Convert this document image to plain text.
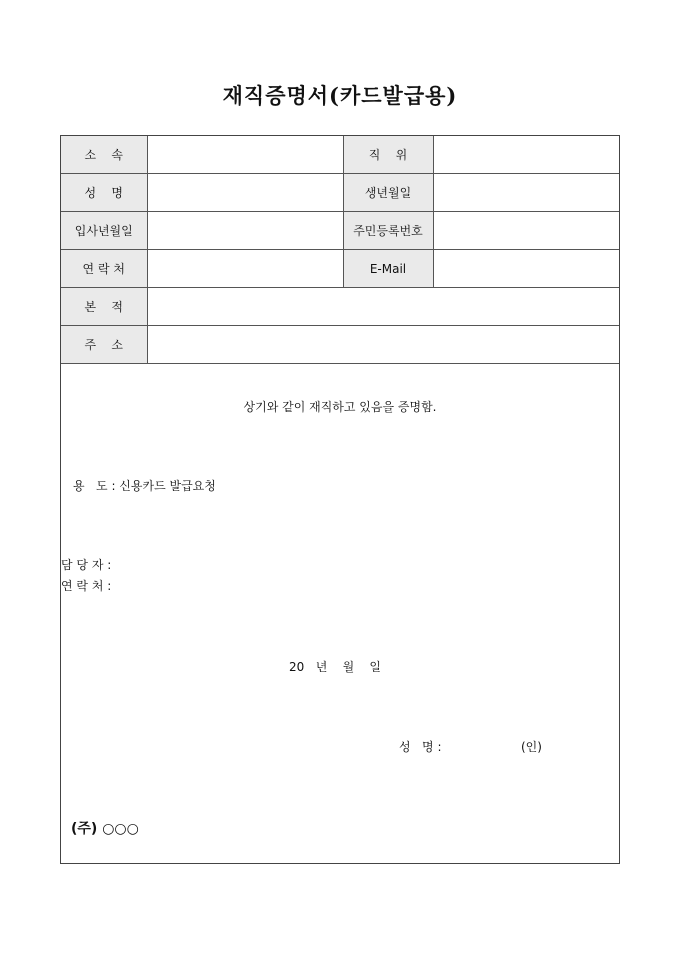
재직증명서(카드발급용)
소    속		직    위	
성    명		생년월일	
입사년월일		주민등록번호	
연 락 처		E-Mail	
본    적			
주    소			
상기와 같이 재직하고 있음을 증명함.
용   도 : 신용카드 발급요청
담 당 자 :
연 락 처 :
20   년    월    일
성   명 :	(인)
(주) ○○○
